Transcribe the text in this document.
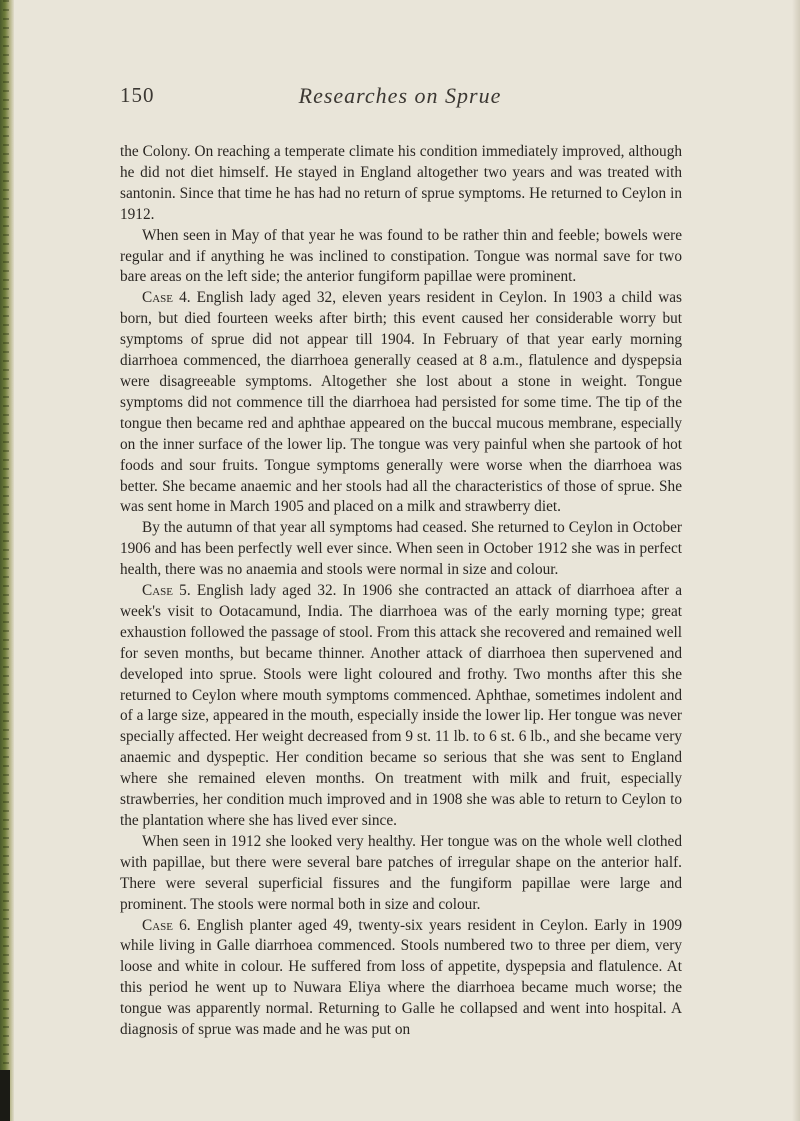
150	Researches on Sprue

the Colony. On reaching a temperate climate his condition immediately improved, although he did not diet himself. He stayed in England altogether two years and was treated with santonin. Since that time he has had no return of sprue symptoms. He returned to Ceylon in 1912.

When seen in May of that year he was found to be rather thin and feeble; bowels were regular and if anything he was inclined to constipation. Tongue was normal save for two bare areas on the left side; the anterior fungiform papillae were prominent.

Case 4. English lady aged 32, eleven years resident in Ceylon. In 1903 a child was born, but died fourteen weeks after birth; this event caused her considerable worry but symptoms of sprue did not appear till 1904. In February of that year early morning diarrhoea commenced, the diarrhoea generally ceased at 8 a.m., flatulence and dyspepsia were disagreeable symptoms. Altogether she lost about a stone in weight. Tongue symptoms did not commence till the diarrhoea had persisted for some time. The tip of the tongue then became red and aphthae appeared on the buccal mucous membrane, especially on the inner surface of the lower lip. The tongue was very painful when she partook of hot foods and sour fruits. Tongue symptoms generally were worse when the diarrhoea was better. She became anaemic and her stools had all the characteristics of those of sprue. She was sent home in March 1905 and placed on a milk and strawberry diet.

By the autumn of that year all symptoms had ceased. She returned to Ceylon in October 1906 and has been perfectly well ever since. When seen in October 1912 she was in perfect health, there was no anaemia and stools were normal in size and colour.

Case 5. English lady aged 32. In 1906 she contracted an attack of diarrhoea after a week's visit to Ootacamund, India. The diarrhoea was of the early morning type; great exhaustion followed the passage of stool. From this attack she recovered and remained well for seven months, but became thinner. Another attack of diarrhoea then supervened and developed into sprue. Stools were light coloured and frothy. Two months after this she returned to Ceylon where mouth symptoms commenced. Aphthae, sometimes indolent and of a large size, appeared in the mouth, especially inside the lower lip. Her tongue was never specially affected. Her weight decreased from 9 st. 11 lb. to 6 st. 6 lb., and she became very anaemic and dyspeptic. Her condition became so serious that she was sent to England where she remained eleven months. On treatment with milk and fruit, especially strawberries, her condition much improved and in 1908 she was able to return to Ceylon to the plantation where she has lived ever since.

When seen in 1912 she looked very healthy. Her tongue was on the whole well clothed with papillae, but there were several bare patches of irregular shape on the anterior half. There were several superficial fissures and the fungiform papillae were large and prominent. The stools were normal both in size and colour.

Case 6. English planter aged 49, twenty-six years resident in Ceylon. Early in 1909 while living in Galle diarrhoea commenced. Stools numbered two to three per diem, very loose and white in colour. He suffered from loss of appetite, dyspepsia and flatulence. At this period he went up to Nuwara Eliya where the diarrhoea became much worse; the tongue was apparently normal. Returning to Galle he collapsed and went into hospital. A diagnosis of sprue was made and he was put on
